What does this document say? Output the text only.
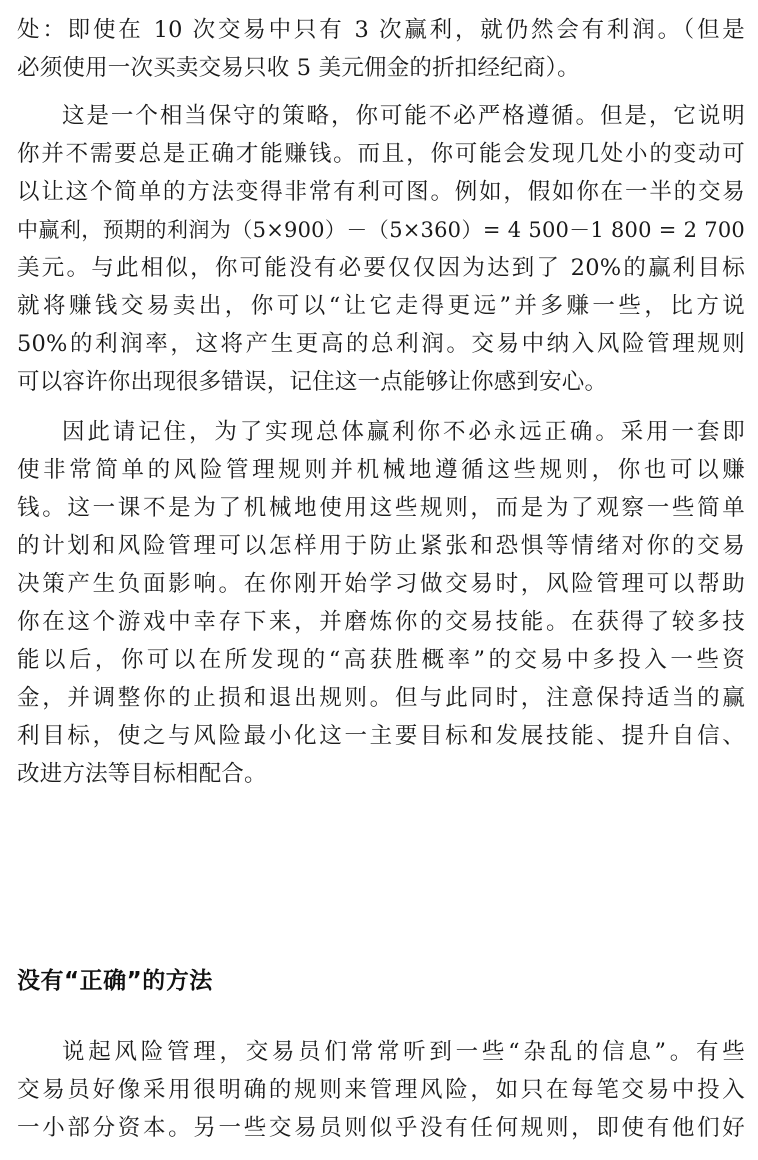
处：即使在 10 次交易中只有 3 次赢利，就仍然会有利润。（但是
必须使用一次买卖交易只收 5 美元佣金的折扣经纪商）。
这是一个相当保守的策略，你可能不必严格遵循。但是，它说明
你并不需要总是正确才能赚钱。而且，你可能会发现几处小的变动可
以让这个简单的方法变得非常有利可图。例如，假如你在一半的交易
中赢利，预期的利润为（5×900）－（5×360）= 4 500－1 800 = 2 700
美元。与此相似，你可能没有必要仅仅因为达到了 20%的赢利目标
就将赚钱交易卖出，你可以“让它走得更远”并多赚一些，比方说
50%的利润率，这将产生更高的总利润。交易中纳入风险管理规则
可以容许你出现很多错误，记住这一点能够让你感到安心。
因此请记住，为了实现总体赢利你不必永远正确。采用一套即
使非常简单的风险管理规则并机械地遵循这些规则，你也可以赚
钱。这一课不是为了机械地使用这些规则，而是为了观察一些简单
的计划和风险管理可以怎样用于防止紧张和恐惧等情绪对你的交易
决策产生负面影响。在你刚开始学习做交易时，风险管理可以帮助
你在这个游戏中幸存下来，并磨炼你的交易技能。在获得了较多技
能以后，你可以在所发现的“高获胜概率”的交易中多投入一些资
金，并调整你的止损和退出规则。但与此同时，注意保持适当的赢
利目标，使之与风险最小化这一主要目标和发展技能、提升自信、
改进方法等目标相配合。
没有“正确”的方法
说起风险管理，交易员们常常听到一些“杂乱的信息”。有些
交易员好像采用很明确的规则来管理风险，如只在每笔交易中投入
一小部分资本。另一些交易员则似乎没有任何规则，即使有他们好
